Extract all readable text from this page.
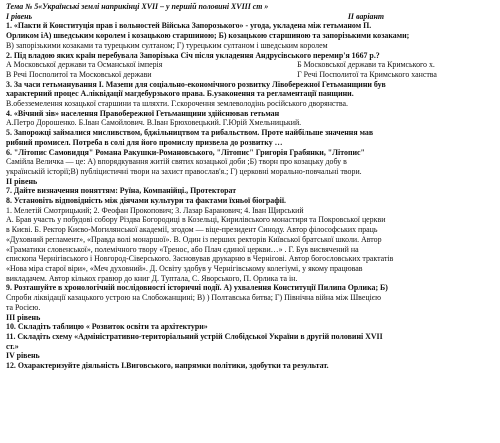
Тема № 5«Українські землі наприкінці XVII – у першій половині XVIII ст »
І рівень	ІІ варіант
1. «Пакти й Конституція прав і вольностей Війська Запорозького» - угода, укладена між гетьманом П.
Орликом іА) шведським королем і козацькою старшиною; Б) козацькою старшиною та запорізькими козаками;
В) запорізькими козаками та турецьким султаном; Г) турецьким султаном і шведським королем
2. Під владою яких країн перебувала Запорізька Січ після укладення Андрусівського перемир'я 1667 р.?
А Московської держави та Османської імперія	Б Московської держави та Кримського х.
В Речі Посполитої та Московської держави	Г Речі Посполитої та Кримського ханства
3. За часи гетьманування І. Мазепи для соціально-економічного розвитку Лівобережної Гетьманщини був
характерний процес А.ліквідації магдебурзького права. Б.узаконення та регламентації панщини.
В.обезземелення козацької старшини та шляхти. Г.скорочення землеволодінь російського дворянства.
4. «Вічний зів» населення Правобережної Гетьманщини здійснював гетьман
А.Петро Дорошенко. Б.Іван Самойлович. В.Іван Брюховецький. Г.Юрій Хмельницький.
5. Запорожці займалися мисливством, бджільництвом та рибальством. Проте найбільше значення мав
рибний промисел. Потреба в солі для його промислу призвела до розвитку …
6. "Літопис Самовидця" Романа Ракушки-Романовського, "Літопис" Григорія Грабянки, "Літопис"
Самійла Величка — це: А) впорядкування житій святих козацької доби ;Б) творн про козацьку добу в
українській історії;В) публіцистичні твори на захист православ'я.; Г) церковні морально-повчальні твори.
ІІ рівень
7. Дайте визначення поняттям: Руїна, Компанійці., Протекторат
8. Установіть відповідність між діячами культури та фактами їхньої біографії.
1. Мелетій Смотрицький; 2. Феофан Прокопович; 3. Лазар Баранович; 4. Іван Щирський
А. Брав участь у побудові собору Різдва Богородиці в Козельці, Кирилівського монастиря та Покровської церкви
в Києві. Б. Ректор Києво-Могилянської академії, згодом — віце-президент Синоду. Автор філософських праць
«Духовний регламент», «Правда волі монаршої». В. Один із перших ректорів Київської братської школи. Автор
«Граматики словенської», полемічного твору «Тренос, або Плач єдиної церкви…» . Г. Був висвячений на
єпископа Чернігівського і Новгород-Сіверського. Засновував друкарню в Чернігові. Автор богословських трактатів
«Нова міра старої віри», «Меч духовний». Д. Освіту здобув у Чернігівському колегіумі, у якому працював
викладачем. Автор кількох гравюр до книг Д. Туптала, С. Яворського, П. Орлика та ін.
9. Розташуйте в хронологічній послідовності історичні події. А) ухвалення Конституції Пилипа Орлика; Б)
Спроби ліквідації казацького устрою на Слобожанщині; В) ) Полтавська битва; Г) Північна війна між Швецією
та Росією.
ІІІ рівень
10. Складіть таблицю « Розвиток освіти та архітектури»
11. Складіть схему «Адміністративно-територіальний устрій Слобідської України в другій половині XVII
ст.»
IV рівень
12. Охарактеризуйте діяльність І.Виговського, напрямки політики, здобутки та результат.
